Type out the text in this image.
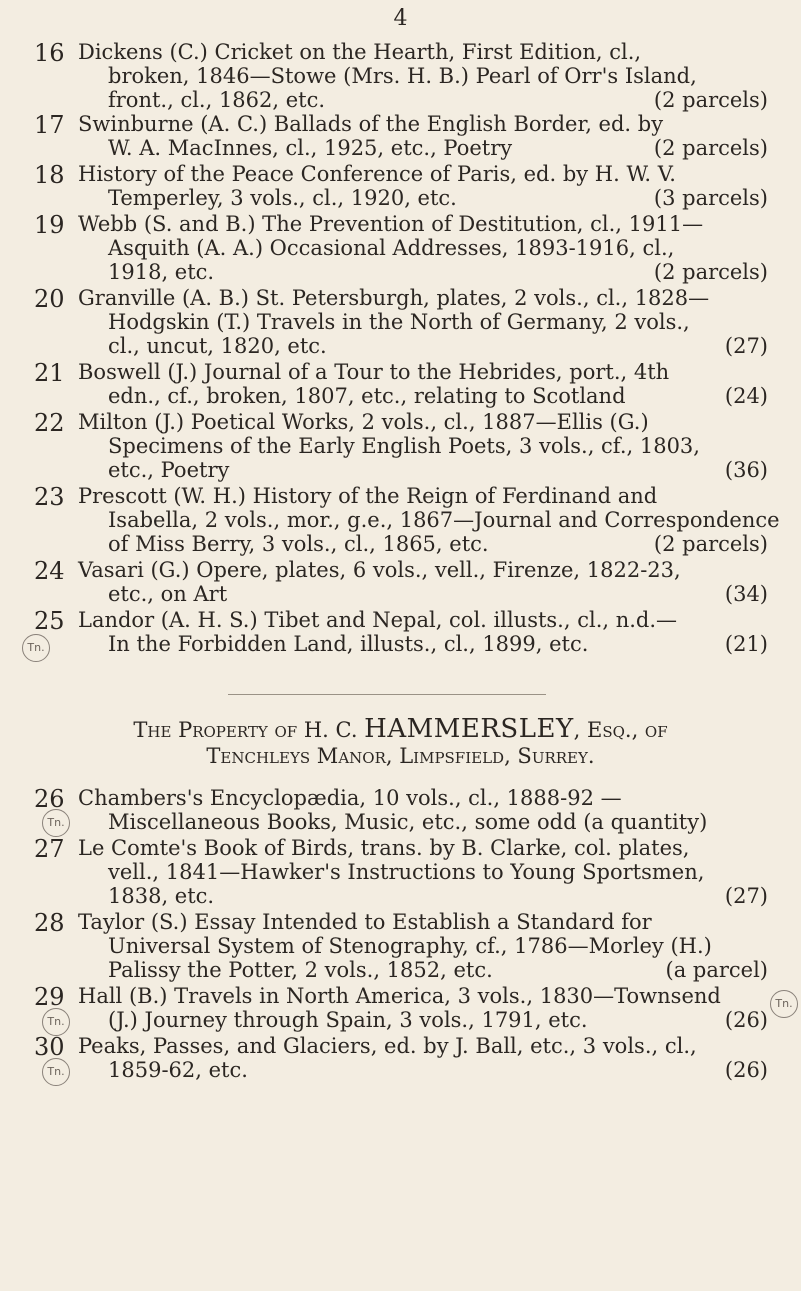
4
16 Dickens (C.) Cricket on the Hearth, First Edition, cl.,

broken, 1846—Stowe (Mrs. H. B.) Pearl of Orr's Island,

front., cl., 1862, etc.	(2 parcels)

17 Swinburne (A. C.) Ballads of the English Border, ed. by

W. A. MacInnes, cl., 1925, etc., Poetry	(2 parcels)

18 History of the Peace Conference of Paris, ed. by H. W. V.

Temperley, 3 vols., cl., 1920, etc.	(3 parcels)

19 Webb (S. and B.) The Prevention of Destitution, cl., 1911—

Asquith (A. A.) Occasional Addresses, 1893-1916, cl.,

1918, etc.	(2 parcels)

20 Granville (A. B.) St. Petersburgh, plates, 2 vols., cl., 1828—

Hodgskin (T.) Travels in the North of Germany, 2 vols.,

cl., uncut, 1820, etc.	(27)

21 Boswell (J.) Journal of a Tour to the Hebrides, port., 4th

edn., cf., broken, 1807, etc., relating to Scotland	(24)

22 Milton (J.) Poetical Works, 2 vols., cl., 1887—Ellis (G.)

Specimens of the Early English Poets, 3 vols., cf., 1803,

etc., Poetry	(36)

23 Prescott (W. H.) History of the Reign of Ferdinand and

Isabella, 2 vols., mor., g.e., 1867—Journal and Correspondence

of Miss Berry, 3 vols., cl., 1865, etc.	(2 parcels)

24 Vasari (G.) Opere, plates, 6 vols., vell., Firenze, 1822-23,

etc., on Art	(34)

25 Landor (A. H. S.) Tibet and Nepal, col. illusts., cl., n.d.—

In the Forbidden Land, illusts., cl., 1899, etc.	(21)

Tn.
The Property of H. C. HAMMERSLEY, Esq., of
Tenchleys Manor, Limpsfield, Surrey.
26 Chambers's Encyclopædia, 10 vols., cl., 1888-92 —

Miscellaneous Books, Music, etc., some odd (a quantity)

Tn.
27 Le Comte's Book of Birds, trans. by B. Clarke, col. plates,

vell., 1841—Hawker's Instructions to Young Sportsmen,

1838, etc.	(27)

28 Taylor (S.) Essay Intended to Establish a Standard for

Universal System of Stenography, cf., 1786—Morley (H.)

Palissy the Potter, 2 vols., 1852, etc.	(a parcel)

29 Hall (B.) Travels in North America, 3 vols., 1830—Townsend

(J.) Journey through Spain, 3 vols., 1791, etc.	(26)

Tn.
Tn.
30 Peaks, Passes, and Glaciers, ed. by J. Ball, etc., 3 vols., cl.,

1859-62, etc.	(26)

Tn.
